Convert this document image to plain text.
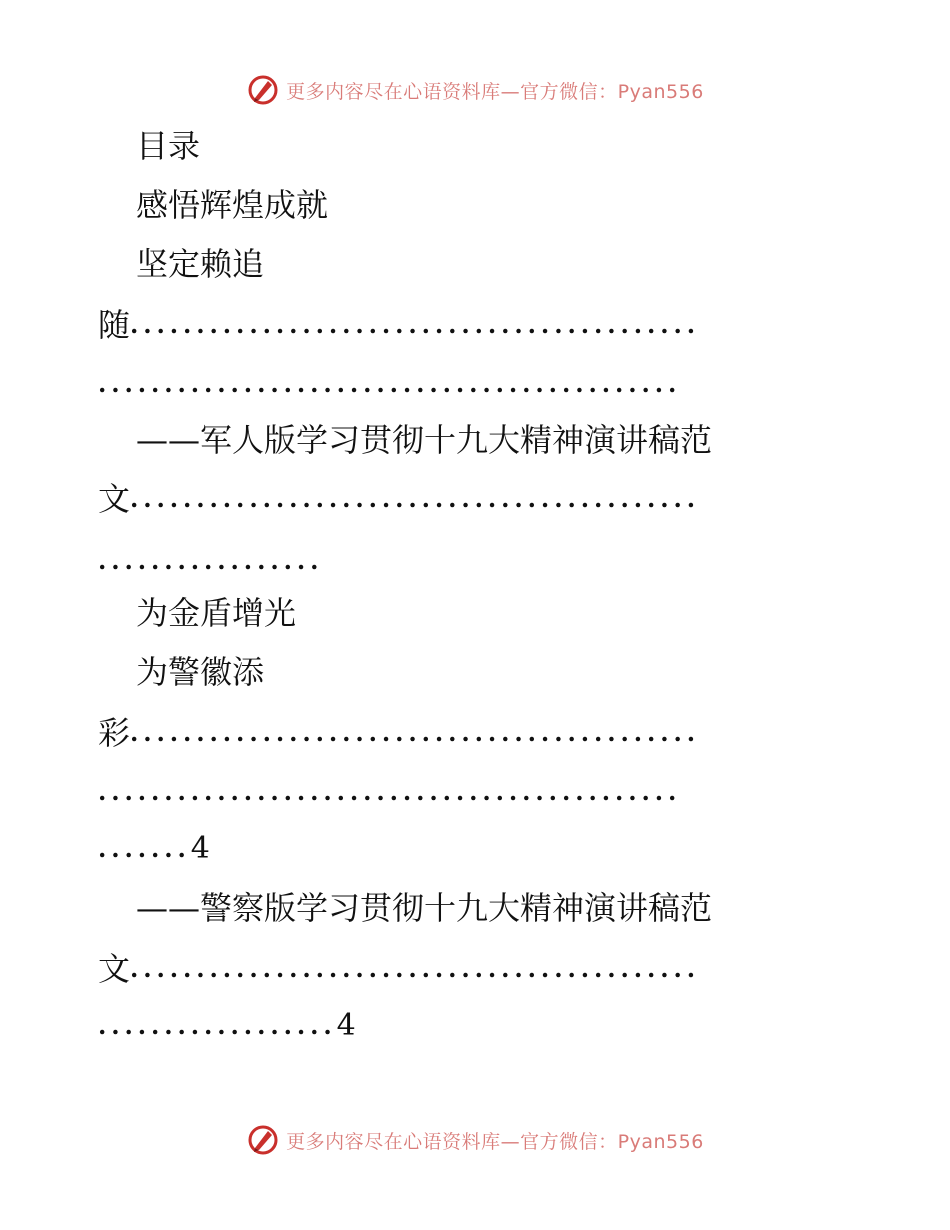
更多内容尽在心语资料库—官方微信：Pyan556
目录
感悟辉煌成就
坚定赖追
随...........................................
............................................
——军人版学习贯彻十九大精神演讲稿范
文...........................................
.................
为金盾增光
为警徽添
彩...........................................
............................................
.......4
——警察版学习贯彻十九大精神演讲稿范
文...........................................
..................4
更多内容尽在心语资料库—官方微信：Pyan556
